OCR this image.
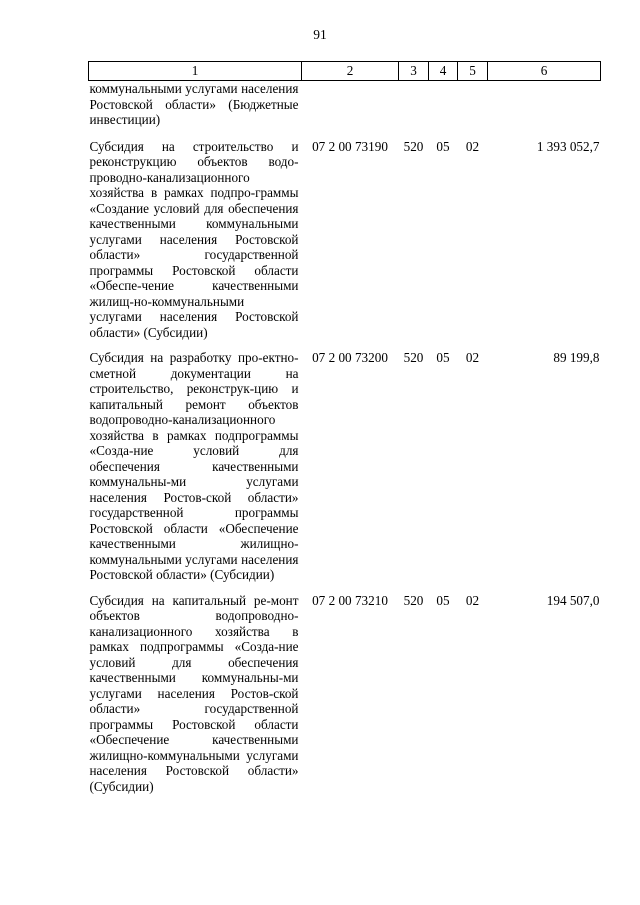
91
1	2	3	4	5	6
коммунальными услугами населения Ростовской области» (Бюджетные инвестиции)					
Субсидия на строительство и реконструкцию объектов водо-проводно-канализационного хозяйства в рамках подпро-граммы «Создание условий для обеспечения качественными коммунальными услугами населения Ростовской области» государственной программы Ростовской области «Обеспе-чение качественными жилищ-но-коммунальными услугами населения Ростовской области» (Субсидии)	07 2 00 73190	520	05	02	1 393 052,7
Субсидия на разработку про-ектно-сметной документации на строительство, реконструк-цию и капитальный ремонт объектов водопроводно-канализационного хозяйства в рамках подпрограммы «Созда-ние условий для обеспечения качественными коммунальны-ми услугами населения Ростов-ской области» государственной программы Ростовской области «Обеспечение качественными жилищно-коммунальными услугами населения Ростовской области» (Субсидии)	07 2 00 73200	520	05	02	89 199,8
Субсидия на капитальный ре-монт объектов водопроводно-канализационного хозяйства в рамках подпрограммы «Созда-ние условий для обеспечения качественными коммунальны-ми услугами населения Ростов-ской области» государственной программы Ростовской области «Обеспечение качественными жилищно-коммунальными услугами населения Ростовской области» (Субсидии)	07 2 00 73210	520	05	02	194 507,0
